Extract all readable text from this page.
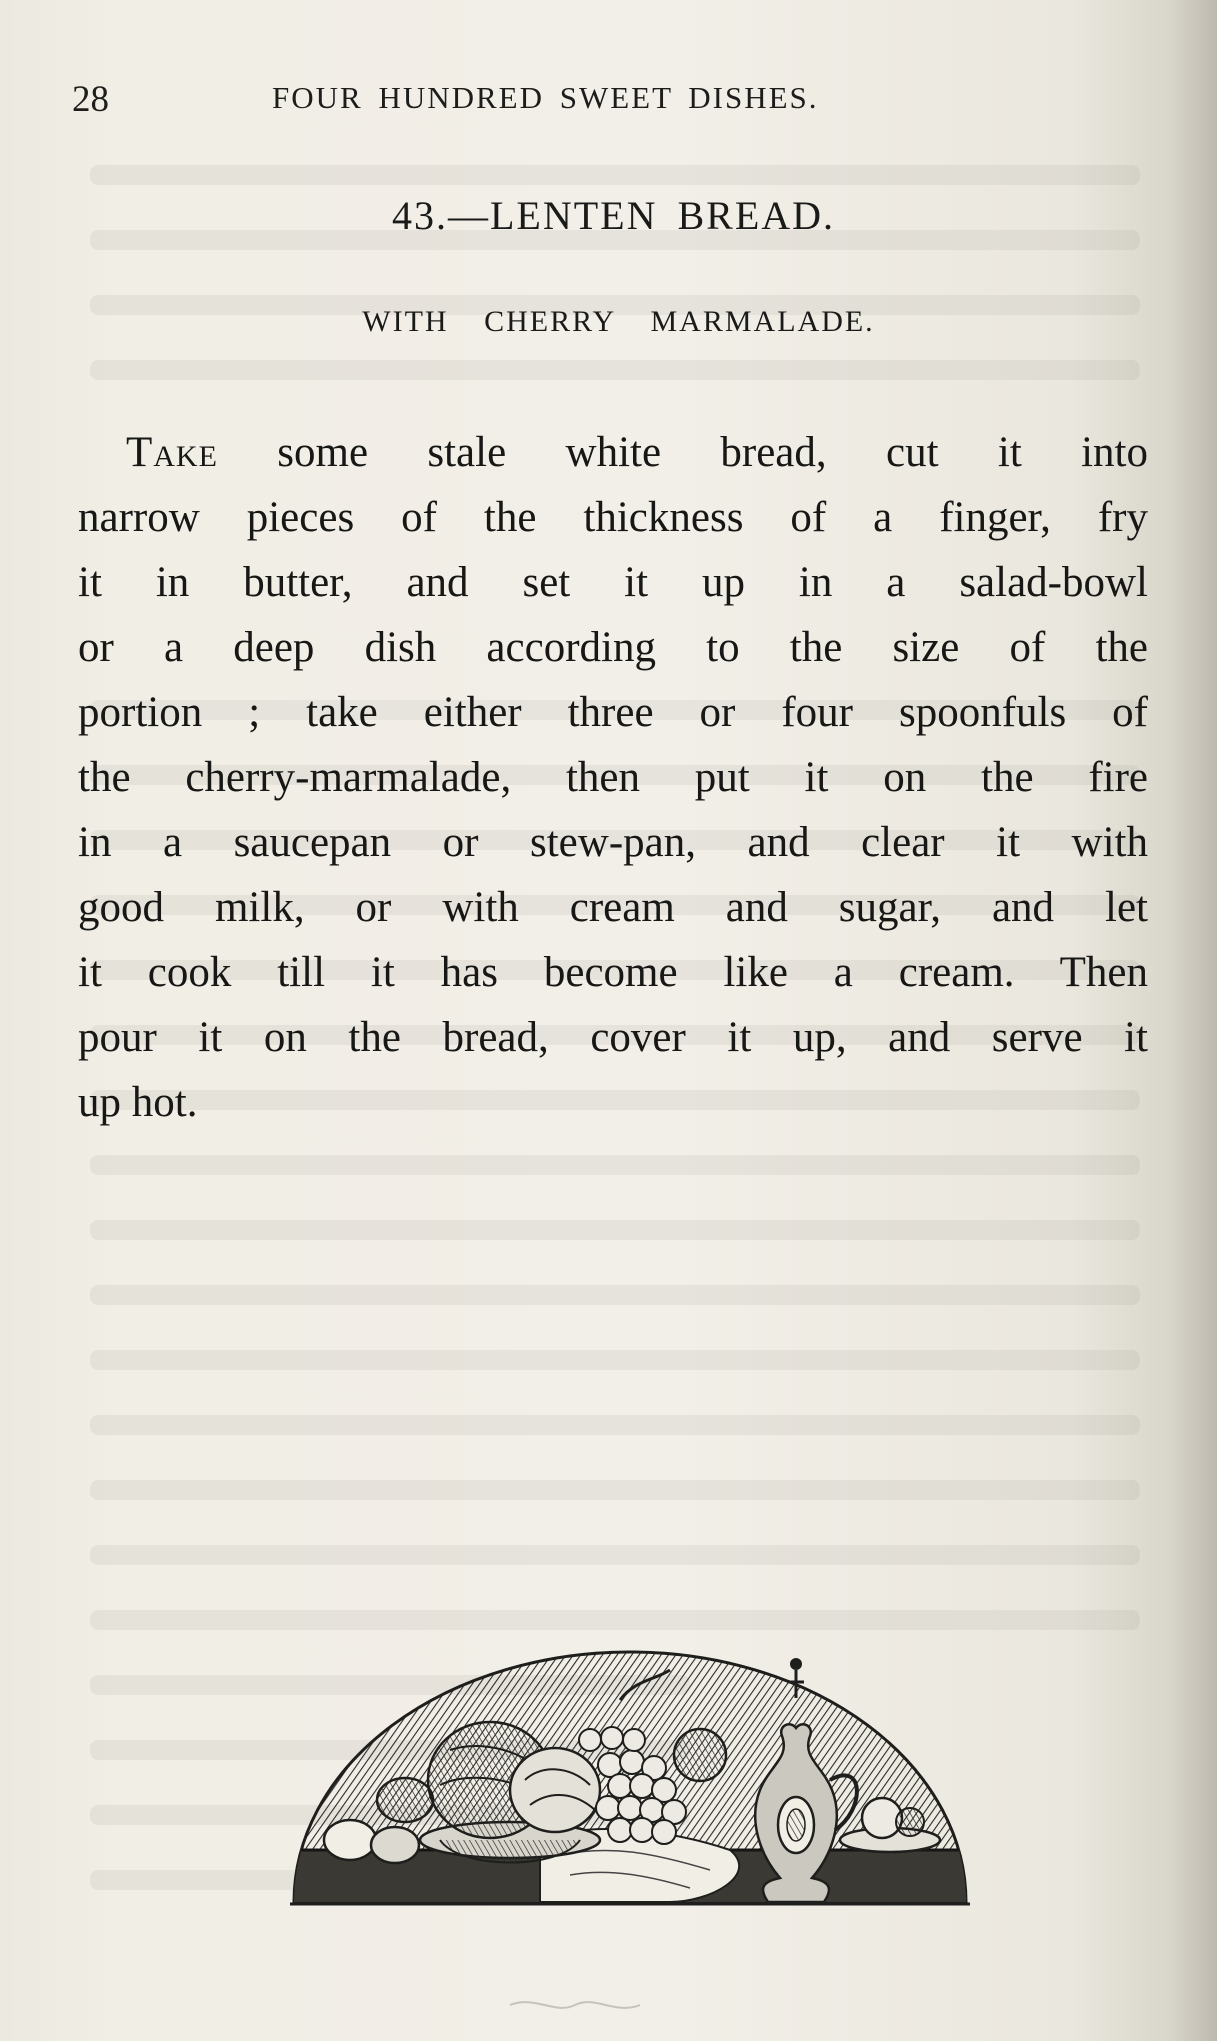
28	FOUR HUNDRED SWEET DISHES.
43.—LENTEN BREAD.
WITH CHERRY MARMALADE.
Take some stale white bread, cut it into
narrow pieces of the thickness of a finger, fry
it in butter, and set it up in a salad-bowl
or a deep dish according to the size of the
portion ; take either three or four spoonfuls of
the cherry-marmalade, then put it on the fire
in a saucepan or stew-pan, and clear it with
good milk, or with cream and sugar, and let
it cook till it has become like a cream. Then
pour it on the bread, cover it up, and serve it
up hot.
